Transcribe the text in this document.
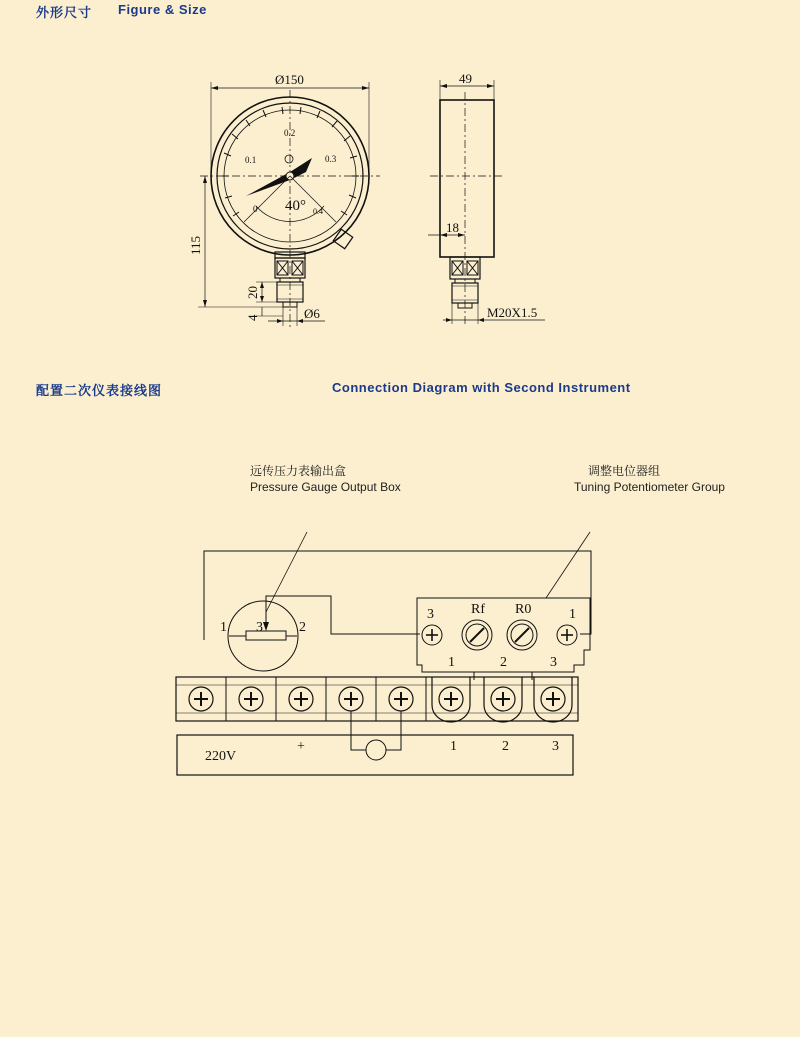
外形尺寸 Figure & Size
配置二次仪表接线图	Connection Diagram with Second Instrument
远传压力表输出盒
Pressure Gauge Output Box
调整电位器组
Tuning Potentiometer Group
Ø150
115
20
4	Ø6
40°
0.1
0.2
0.3
0.4
0
49
18
M20X1.5
1 3	2
3	Rf R0	1
1	2	3
220V
+	1	2	3
